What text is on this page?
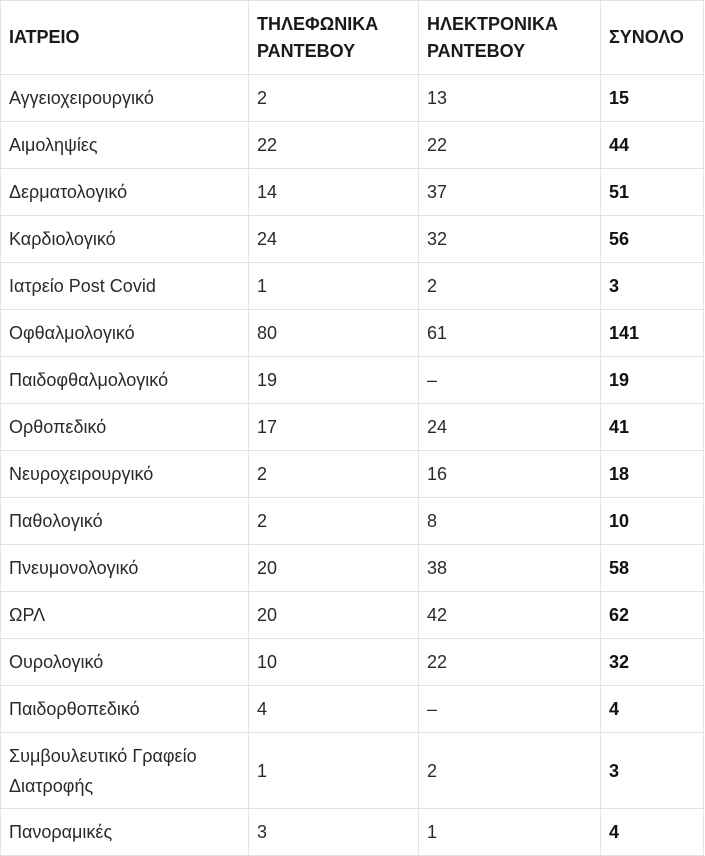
ΙΑΤΡΕΙΟ	ΤΗΛΕΦΩΝΙΚΑ ΡΑΝΤΕΒΟΥ	ΗΛΕΚΤΡΟΝΙΚΑ ΡΑΝΤΕΒΟΥ	ΣΥΝΟΛΟ
Αγγειοχειρουργικό	2	13	15
Αιμοληψίες	22	22	44
Δερματολογικό	14	37	51
Καρδιολογικό	24	32	56
Ιατρείο Post Covid	1	2	3
Οφθαλμολογικό	80	61	141
Παιδοφθαλμολογικό	19	–	19
Ορθοπεδικό	17	24	41
Νευροχειρουργικό	2	16	18
Παθολογικό	2	8	10
Πνευμονολογικό	20	38	58
ΩΡΛ	20	42	62
Ουρολογικό	10	22	32
Παιδορθοπεδικό	4	–	4
Συμβουλευτικό Γραφείο Διατροφής	1	2	3
Πανοραμικές	3	1	4
